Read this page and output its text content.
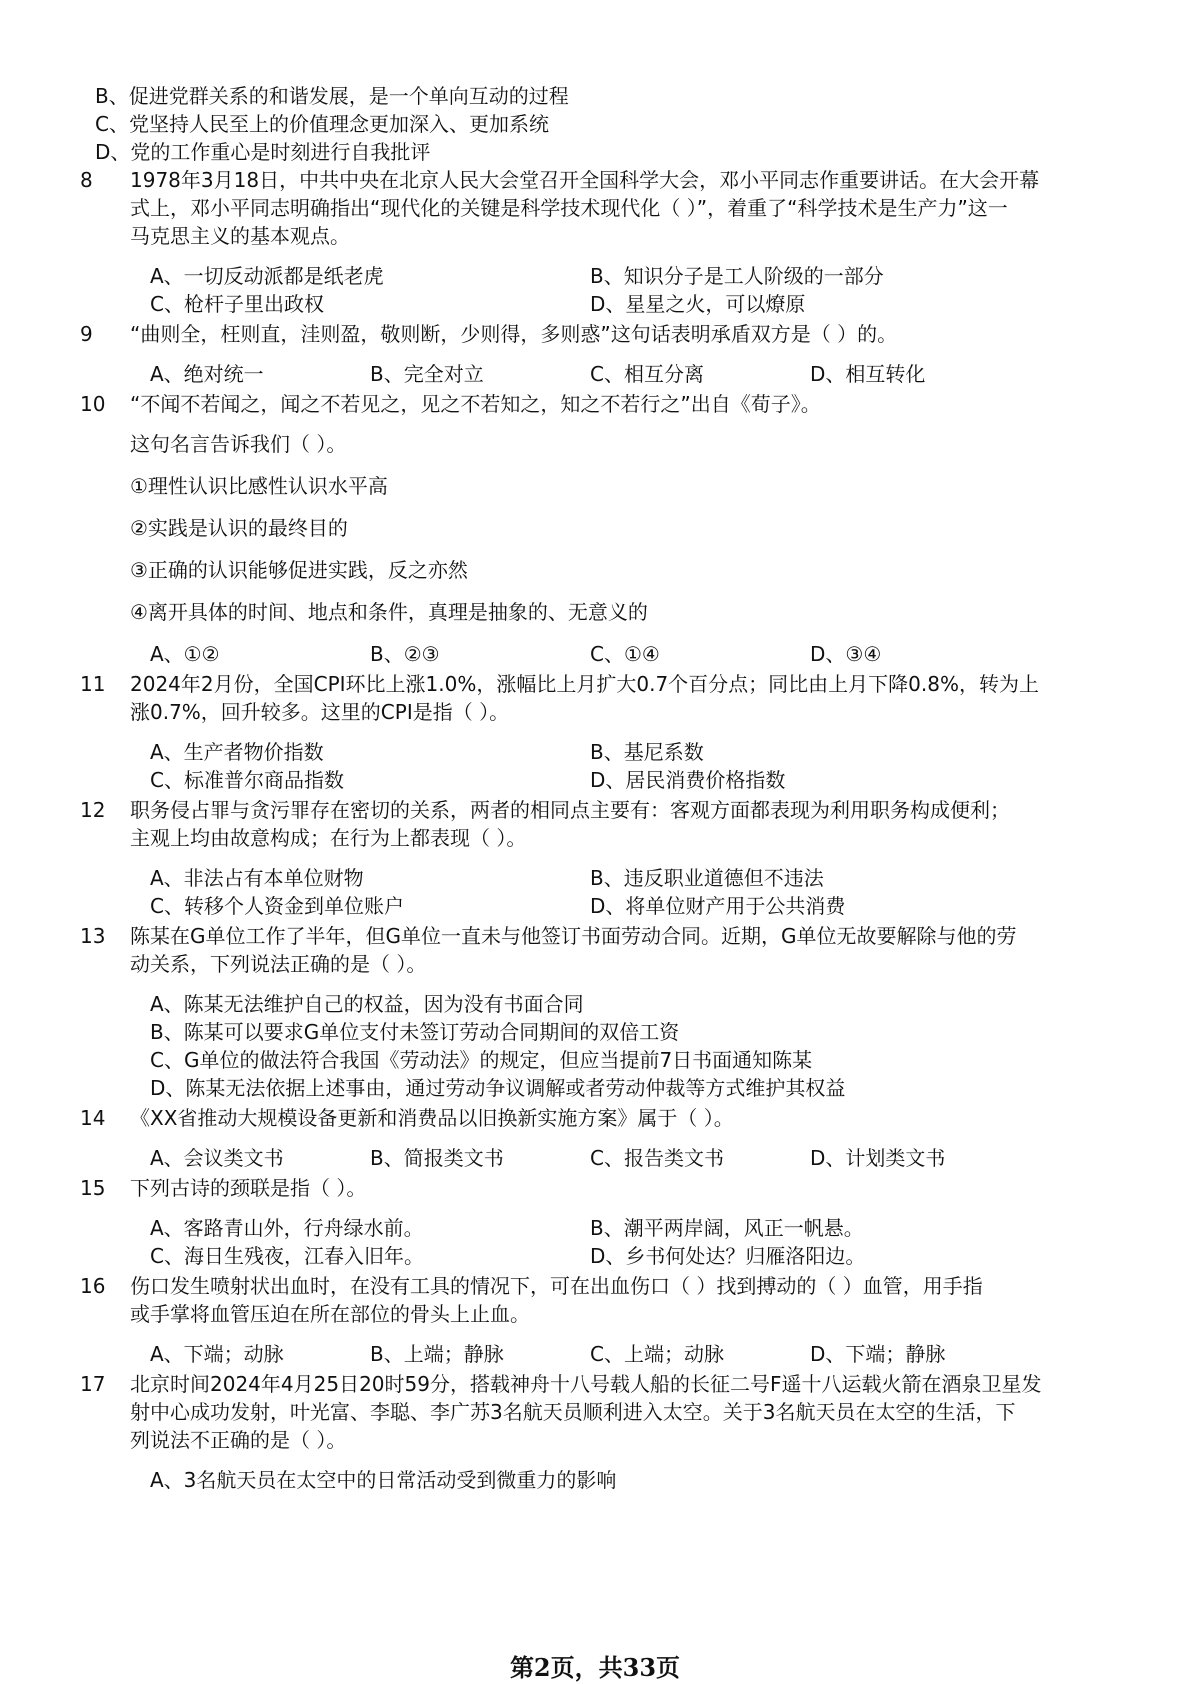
B、促进党群关系的和谐发展，是一个单向互动的过程
C、党坚持人民至上的价值理念更加深入、更加系统
D、党的工作重心是时刻进行自我批评
8 1978年3月18日，中共中央在北京人民大会堂召开全国科学大会，邓小平同志作重要讲话。在大会开幕
式上，邓小平同志明确指出“现代化的关键是科学技术现代化（ ）”，着重了“科学技术是生产力”这一
马克思主义的基本观点。
A、一切反动派都是纸老虎	B、知识分子是工人阶级的一部分
C、枪杆子里出政权	D、星星之火，可以燎原
9 “曲则全，枉则直，洼则盈，敬则断，少则得，多则惑”这句话表明承盾双方是（ ）的。
A、绝对统一	B、完全对立	C、相互分离	D、相互转化
10 “不闻不若闻之，闻之不若见之，见之不若知之，知之不若行之”出自《荀子》。
这句名言告诉我们（ ）。
①理性认识比感性认识水平高
②实践是认识的最终目的
③正确的认识能够促进实践，反之亦然
④离开具体的时间、地点和条件，真理是抽象的、无意义的
A、①②	B、②③	C、①④	D、③④
11 2024年2月份，全国CPI环比上涨1.0%，涨幅比上月扩大0.7个百分点；同比由上月下降0.8%，转为上
涨0.7%，回升较多。这里的CPI是指（ ）。
A、生产者物价指数	B、基尼系数
C、标准普尔商品指数	D、居民消费价格指数
12 职务侵占罪与贪污罪存在密切的关系，两者的相同点主要有：客观方面都表现为利用职务构成便利；
主观上均由故意构成；在行为上都表现（ ）。
A、非法占有本单位财物	B、违反职业道德但不违法
C、转移个人资金到单位账户	D、将单位财产用于公共消费
13 陈某在G单位工作了半年，但G单位一直未与他签订书面劳动合同。近期，G单位无故要解除与他的劳
动关系，下列说法正确的是（ ）。
A、陈某无法维护自己的权益，因为没有书面合同
B、陈某可以要求G单位支付未签订劳动合同期间的双倍工资
C、G单位的做法符合我国《劳动法》的规定，但应当提前7日书面通知陈某
D、陈某无法依据上述事由，通过劳动争议调解或者劳动仲裁等方式维护其权益
14 《XX省推动大规模设备更新和消费品以旧换新实施方案》属于（ ）。
A、会议类文书	B、简报类文书	C、报告类文书	D、计划类文书
15 下列古诗的颈联是指（ ）。
A、客路青山外，行舟绿水前。	B、潮平两岸阔，风正一帆悬。
C、海日生残夜，江春入旧年。	D、乡书何处达？归雁洛阳边。
16 伤口发生喷射状出血时，在没有工具的情况下，可在出血伤口（ ）找到搏动的（ ）血管，用手指
或手掌将血管压迫在所在部位的骨头上止血。
A、下端；动脉	B、上端；静脉	C、上端；动脉	D、下端；静脉
17 北京时间2024年4月25日20时59分，搭载神舟十八号载人船的长征二号F遥十八运载火箭在酒泉卫星发
射中心成功发射，叶光富、李聪、李广苏3名航天员顺利进入太空。关于3名航天员在太空的生活，下
列说法不正确的是（ ）。
A、3名航天员在太空中的日常活动受到微重力的影响
第2页，共33页
